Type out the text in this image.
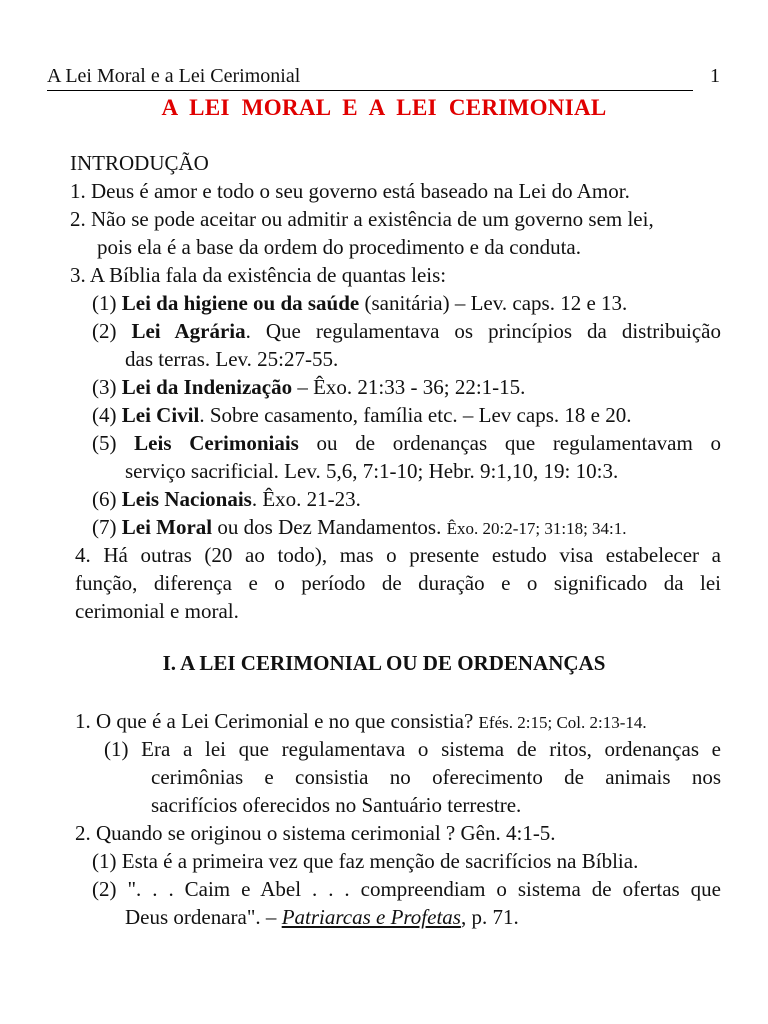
A Lei Moral e a Lei Cerimonial	1
A LEI MORAL E A LEI CERIMONIAL
INTRODUÇÃO
1. Deus é amor e todo o seu governo está baseado na Lei do Amor.
2. Não se pode aceitar ou admitir a existência de um governo sem lei,
pois ela é a base da ordem do procedimento e da conduta.
3. A Bíblia fala da existência de quantas leis:
(1) Lei da higiene ou da saúde (sanitária) – Lev. caps. 12 e 13.
(2) Lei Agrária. Que regulamentava os princípios da distribuição
das terras. Lev. 25:27-55.
(3) Lei da Indenização – Êxo. 21:33 - 36; 22:1-15.
(4) Lei Civil. Sobre casamento, família etc. – Lev caps. 18 e 20.
(5) Leis Cerimoniais ou de ordenanças que regulamentavam o
serviço sacrificial. Lev. 5,6, 7:1-10; Hebr. 9:1,10, 19: 10:3.
(6) Leis Nacionais. Êxo. 21-23.
(7) Lei Moral ou dos Dez Mandamentos. Êxo. 20:2-17; 31:18; 34:1.
4. Há outras (20 ao todo), mas o presente estudo visa estabelecer a
função, diferença e o período de duração e o significado da lei
cerimonial e moral.
I. A LEI CERIMONIAL OU DE ORDENANÇAS
1. O que é a Lei Cerimonial e no que consistia? Efés. 2:15; Col. 2:13-14.
(1) Era a lei que regulamentava o sistema de ritos, ordenanças e
cerimônias e consistia no oferecimento de animais nos
sacrifícios oferecidos no Santuário terrestre.
2. Quando se originou o sistema cerimonial ? Gên. 4:1-5.
(1) Esta é a primeira vez que faz menção de sacrifícios na Bíblia.
(2) ". . . Caim e Abel . . . compreendiam o sistema de ofertas que
Deus ordenara". – Patriarcas e Profetas, p. 71.
